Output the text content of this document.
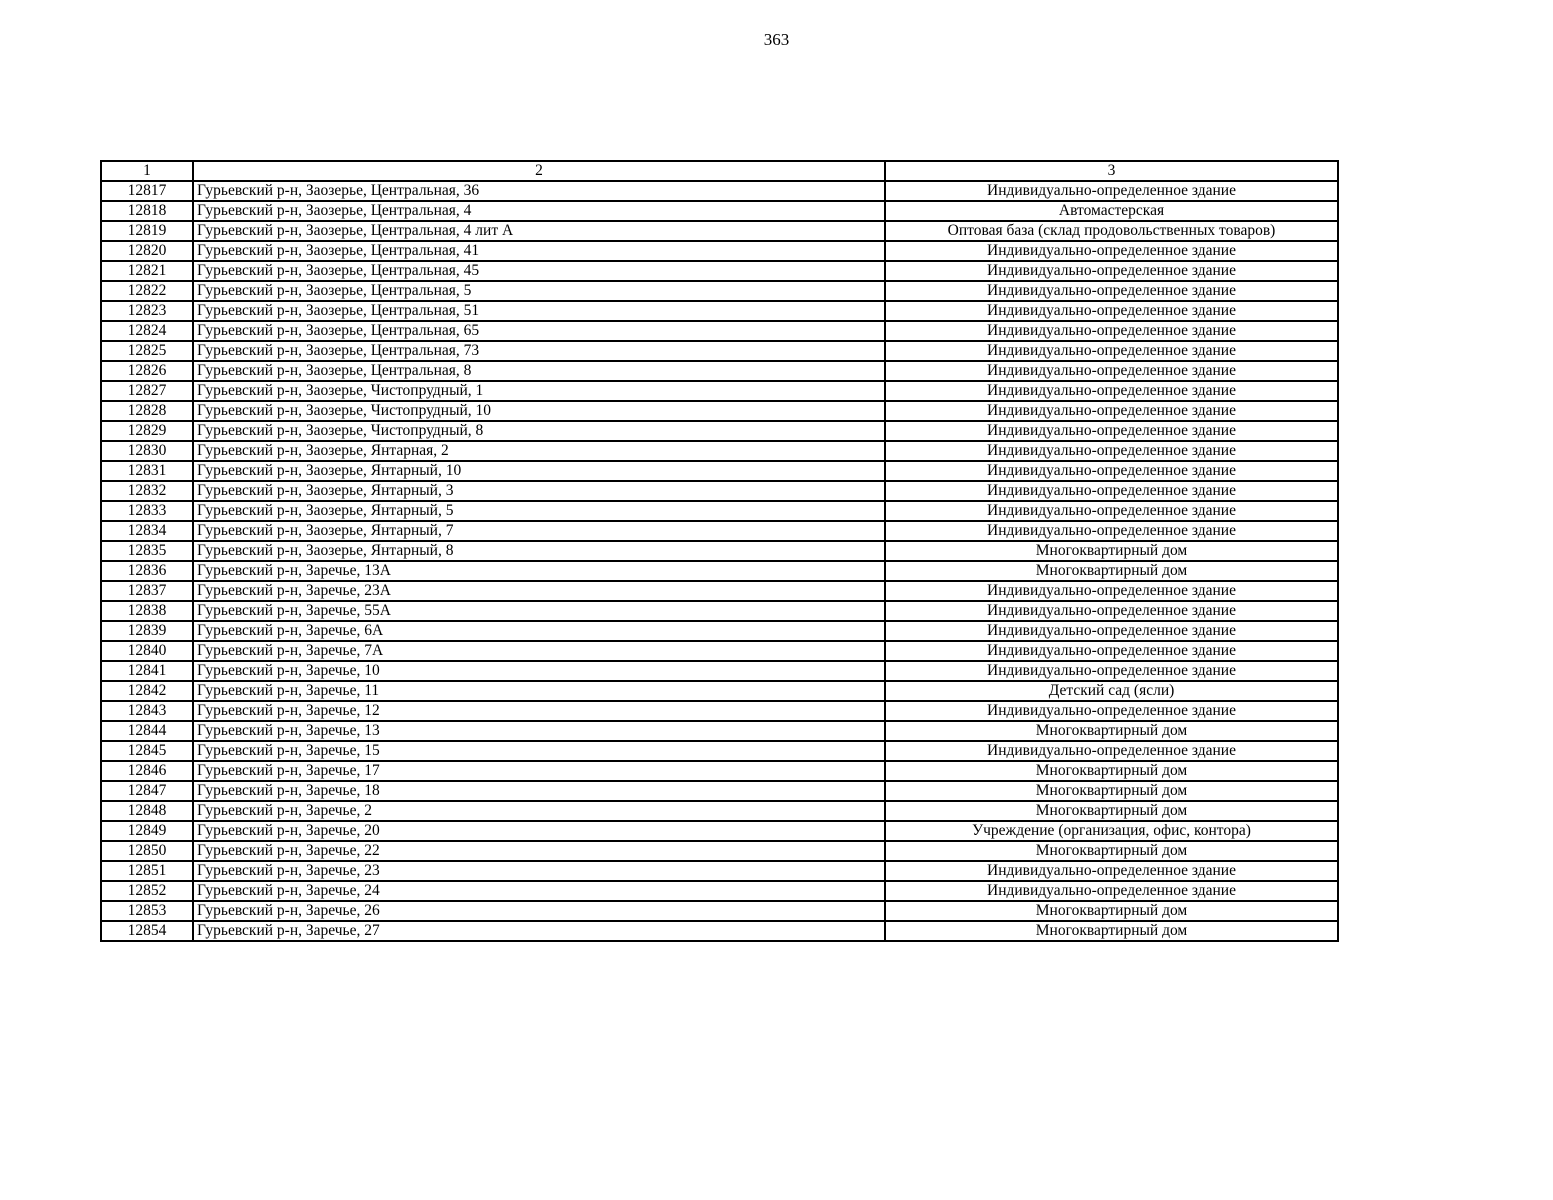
363
1	2	3
12817	Гурьевский р-н, Заозерье, Центральная, 36	Индивидуально-определенное здание
12818	Гурьевский р-н, Заозерье, Центральная, 4	Автомастерская
12819	Гурьевский р-н, Заозерье, Центральная, 4 лит А	Оптовая база (склад продовольственных товаров)
12820	Гурьевский р-н, Заозерье, Центральная, 41	Индивидуально-определенное здание
12821	Гурьевский р-н, Заозерье, Центральная, 45	Индивидуально-определенное здание
12822	Гурьевский р-н, Заозерье, Центральная, 5	Индивидуально-определенное здание
12823	Гурьевский р-н, Заозерье, Центральная, 51	Индивидуально-определенное здание
12824	Гурьевский р-н, Заозерье, Центральная, 65	Индивидуально-определенное здание
12825	Гурьевский р-н, Заозерье, Центральная, 73	Индивидуально-определенное здание
12826	Гурьевский р-н, Заозерье, Центральная, 8	Индивидуально-определенное здание
12827	Гурьевский р-н, Заозерье, Чистопрудный, 1	Индивидуально-определенное здание
12828	Гурьевский р-н, Заозерье, Чистопрудный, 10	Индивидуально-определенное здание
12829	Гурьевский р-н, Заозерье, Чистопрудный, 8	Индивидуально-определенное здание
12830	Гурьевский р-н, Заозерье, Янтарная, 2	Индивидуально-определенное здание
12831	Гурьевский р-н, Заозерье, Янтарный, 10	Индивидуально-определенное здание
12832	Гурьевский р-н, Заозерье, Янтарный, 3	Индивидуально-определенное здание
12833	Гурьевский р-н, Заозерье, Янтарный, 5	Индивидуально-определенное здание
12834	Гурьевский р-н, Заозерье, Янтарный, 7	Индивидуально-определенное здание
12835	Гурьевский р-н, Заозерье, Янтарный, 8	Многоквартирный дом
12836	Гурьевский р-н, Заречье, 13А	Многоквартирный дом
12837	Гурьевский р-н, Заречье, 23А	Индивидуально-определенное здание
12838	Гурьевский р-н, Заречье, 55А	Индивидуально-определенное здание
12839	Гурьевский р-н, Заречье, 6А	Индивидуально-определенное здание
12840	Гурьевский р-н, Заречье, 7А	Индивидуально-определенное здание
12841	Гурьевский р-н, Заречье, 10	Индивидуально-определенное здание
12842	Гурьевский р-н, Заречье, 11	Детский сад (ясли)
12843	Гурьевский р-н, Заречье, 12	Индивидуально-определенное здание
12844	Гурьевский р-н, Заречье, 13	Многоквартирный дом
12845	Гурьевский р-н, Заречье, 15	Индивидуально-определенное здание
12846	Гурьевский р-н, Заречье, 17	Многоквартирный дом
12847	Гурьевский р-н, Заречье, 18	Многоквартирный дом
12848	Гурьевский р-н, Заречье, 2	Многоквартирный дом
12849	Гурьевский р-н, Заречье, 20	Учреждение (организация, офис, контора)
12850	Гурьевский р-н, Заречье, 22	Многоквартирный дом
12851	Гурьевский р-н, Заречье, 23	Индивидуально-определенное здание
12852	Гурьевский р-н, Заречье, 24	Индивидуально-определенное здание
12853	Гурьевский р-н, Заречье, 26	Многоквартирный дом
12854	Гурьевский р-н, Заречье, 27	Многоквартирный дом
